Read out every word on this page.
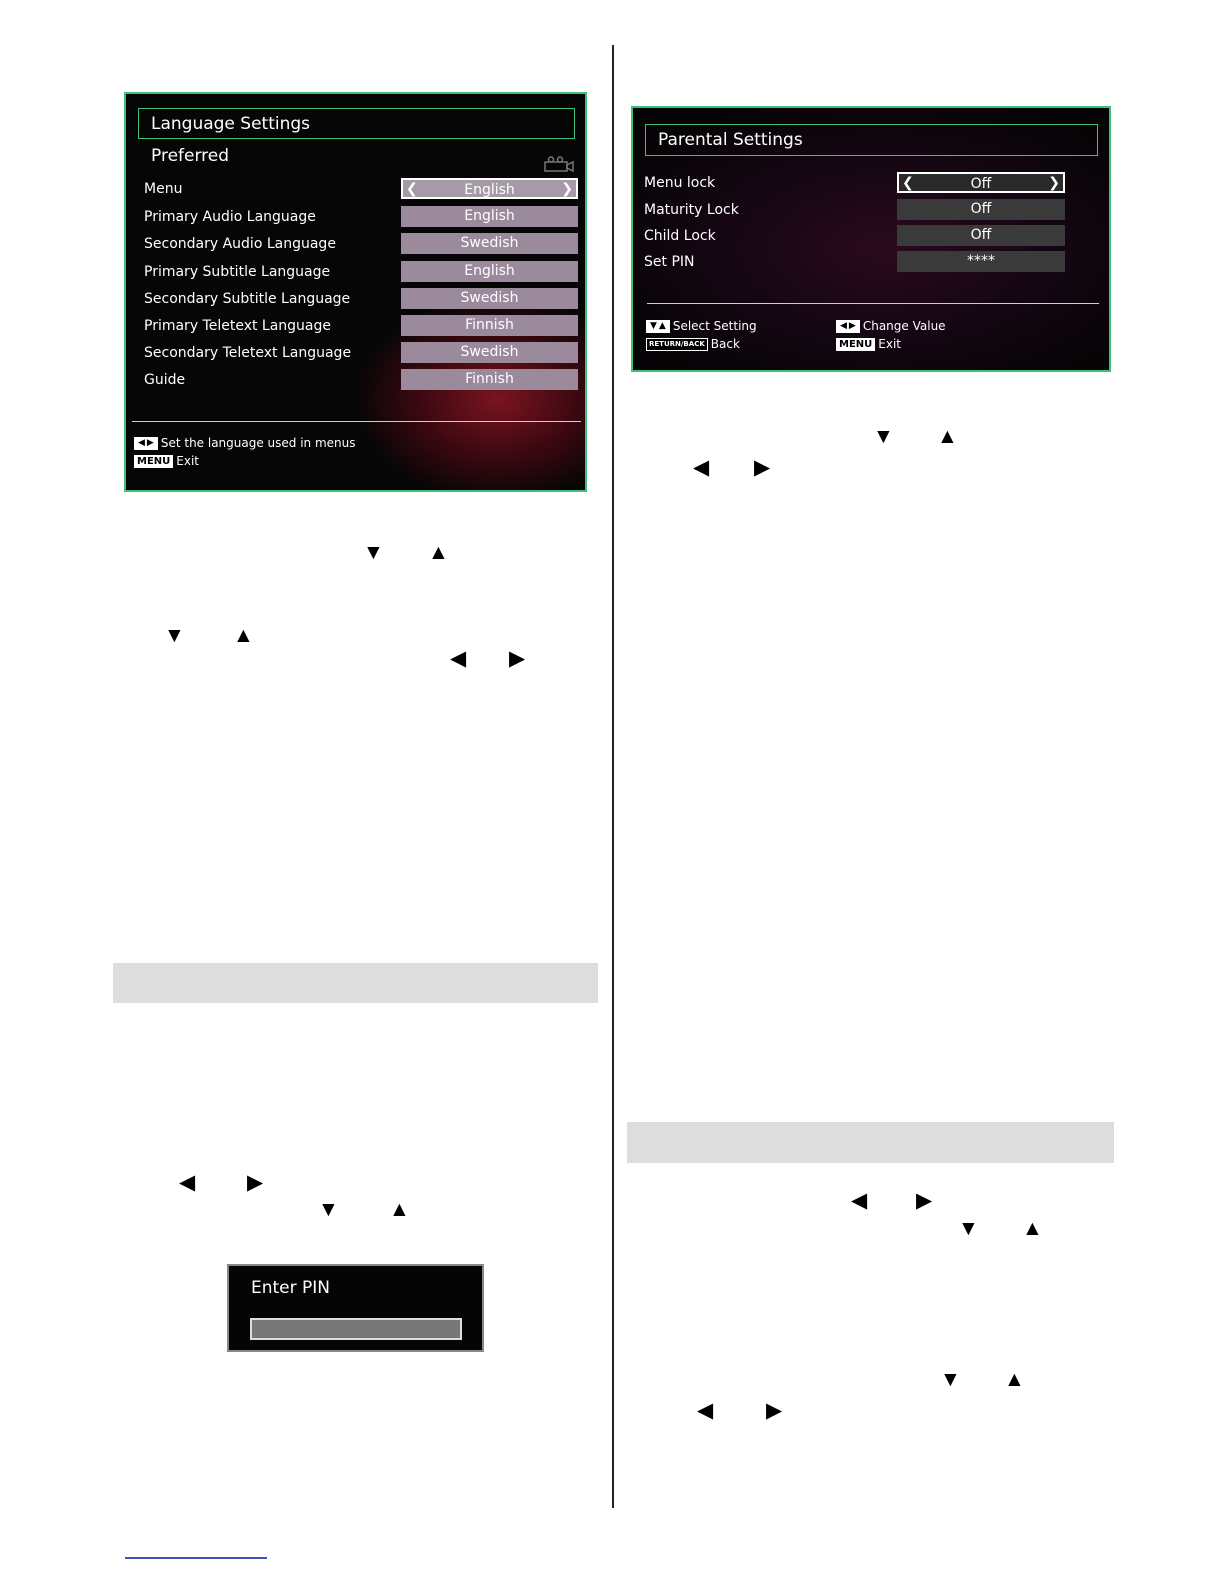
Language Settings
Preferred
Menu	❮	English	❯
Primary Audio Language	English
Secondary Audio Language	Swedish
Primary Subtitle Language	English
Secondary Subtitle Language	Swedish
Primary Teletext Language	Finnish
Secondary Teletext Language	Swedish
Guide	Finnish
◀ ▶ Set the language used in menus
MENU Exit
Parental Settings
Menu lock	❮	Off	❯
Maturity Lock	Off
Child Lock	Off
Set PIN	****
▼ ▲ Select Setting	◀ ▶ Change Value
RETURN/BACK Back	MENU Exit
▼ ▲
▼ ▲
◀ ▶
◀ ▶
▼ ▲
Enter PIN
▼ ▲
◀ ▶
◀ ▶
▼ ▲
▼ ▲
◀	▶
